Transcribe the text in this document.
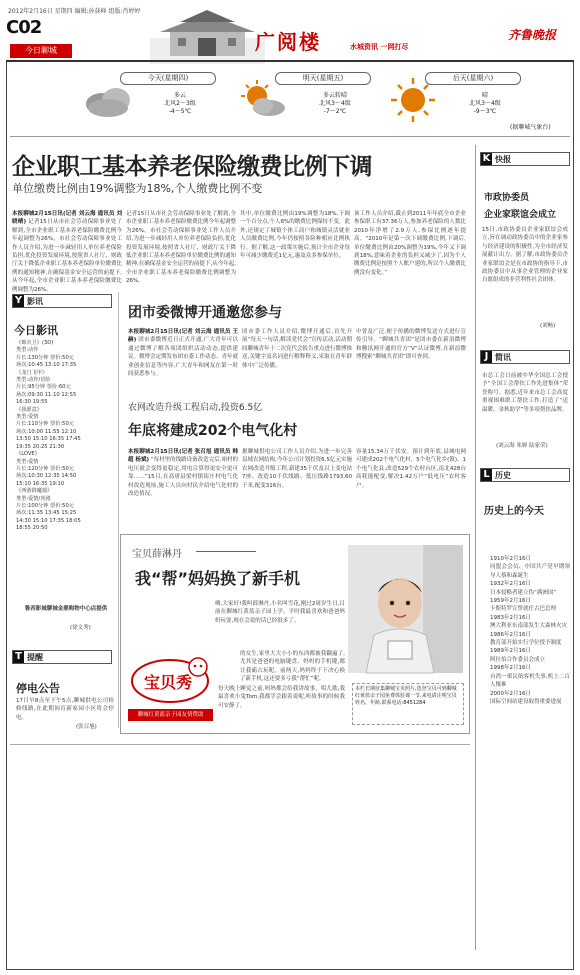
2012年2月16日 星期四 编辑:孙荻峰 组版:肖婷婷
C02
今日聊城	广阅楼	水城资讯 一网打尽
齐鲁晚报
今天(星期四)
多云
北风2～3级
-4～5℃
明天(星期五)
多云转晴
北风3～4级
-7～2℃
后天(星期六)
晴
北风3～4级
-9～3℃
(据聊城气象台)
企业职工基本养老保险缴费比例下调
单位缴费比例由19%调整为18%,个人缴费比例不变
本报聊城2月15日讯(记者 刘云海 通讯员 刘晓晴) 记者15日从市社会劳动保障事业处了解到,全市企业职工基本养老保险缴费比例今年起调整为26%。市社会劳动保障事业处工作人员介绍,为进一步减轻用人单位养老保险负担,优化投资发展环境,按照省人社厅、财政厅关于降低企业职工基本养老保险单位缴费比例的通知精神,在确保基金安全运营的前提下,从今年起,全市企业职工基本养老保险缴费比例调整为26%。
记者15日从市社会劳动保障事业处了解到,全市企业职工基本养老保险缴费比例今年起调整为26%。市社会劳动保障事业处工作人员介绍,为进一步减轻用人单位养老保险负担,优化投资发展环境,按照省人社厅、财政厅关于降低企业职工基本养老保险单位缴费比例的通知精神,在确保基金安全运营的前提下,从今年起,全市企业职工基本养老保险缴费比例调整为26%。
其中,单位缴费比例由19%调整为18%,下调一个百分点,个人8%的缴费比例保持不变。此外,还规定了城镇个体工商户和城镇灵活就业人员缴费比例,今年仍按照各险种相应比例执行。据了解,这一政策实施后,预计全市企业每年可减少缴费近1亿元,惠及众多参保单位。
该工作人员介绍,截止到2011年年底全市企业参保职工有37.36万人,参加养老保险的人数比2010年净增了2.9万人,参保比例逐年提高。“2010年是第一次下调缴费比例,下调后,单位缴费比例由20%调整为19%,今年又下调到18%,意味着企业的负担又减少了,因为个人缴费比例是按照个人账户建的,所以个人缴费比例没有变化。”
K 快报
市政协委员
企业家联谊会成立
15日,市政协委员企业家联谊会成立,旨在调动政协委员中的企业家参与经济建设的积极性,为全市经济发展献计出力。据了解,市政协委员企业家联谊会是在市政协的指导下,市政协委员中从事企业管理的企业家自愿组成的非营利性社会团体。
(刘畅)
J 简讯
市总工会日前被中华全国总工会授予“全国工会帮扶工作先进集体”荣誉称号。据悉,近年来市总工会高度重视困难职工帮扶工作,打造了“送温暖、金秋助学”等多项帮扶品牌。
(刘云海 朱婵 陆家荣)
L 历史
历史上的今天
1910年2月16日
同盟会会员、中国共产党早期领导人蔡和森诞生
1932年2月16日
日本侵略者建立伪“满洲国”
1959年2月16日
卡斯特罗宣誓就任古巴总理
1983年2月16日
澳大利亚东南部发生大森林火灾
1986年2月16日
教育部开始实行学位授予制度
1989年2月16日
阿拉伯合作委员会成立
1998年2月16日
台湾一架民航客机失事,机上二百人罹难
2000年2月16日
国际空间站建设取得重要进展
Y 影讯
今日影讯
《锦衣卫》(3D)
类型:动作
片长:130分钟 票价:50元
场次:10:45 13:10 17:35
《龙门飞甲》
类型:动作/冒险
片长:95分钟 票价:60元
场次:09:30 11:10 12:55
16:30 19:55
《我愿意》
类型:爱情
片长:110分钟 票价:50元
场次:10:00 11:55 12:10
13:50 15:10 16:35 17:45
19:35 20:25 21:30
《LOVE》
类型:爱情
片长:120分钟 票价:50元
场次:10:30 12:35 14:50
15:10 16:35 19:10
《西游降魔篇》
类型:爱情/喜剧
片长:100分钟 票价:50元
场次:11:35 13:45 15:25
14:30 15:10 17:35 18:05
18:55 20:50
鲁西影城聊城金鼎购物中心店提供
(徐文秀)
T 提醒
停电公告
17日早8点至下午5点,聊城供电公司检修线路,在此期间育新家园小区将会停电。
(张召旭)
团市委微博开通邀您参与
本报聊城2月15日讯(记者 刘云海 通讯员 王赫) 团市委微博近日正式开通,广大青年可以通过微博了解各项团组织活动动态,提供建议。微博会定期发布团市委工作动态、青年就业创业信息等内容,广大青年和网友在第一时间获悉参与。
团市委工作人员介绍,微博开通后,首先开展“每天一句话,解读党代会”宣传活动,活动期间聊城青年十二次党代会报告重点进行微博推送,关键字及名词进行解释释义,采取在青年群体中广泛传播。
中普及广泛,便于传播的微博发送方式进行宣传引导。“聊城共青团”是团市委在新浪微博和腾讯网开通的官方“V”认证微博,在新浪微博搜索“聊城共青团”即可查到。
农网改造升级工程启动,投资6.5亿
年底将建成202个电气化村
本报聊城2月15日讯(记者 张召旭 通讯员 韩超 杨斌) “每村里的线路设备改造完后,咱村的电压就会变得更稳定,用电合算得更安全更可靠……”15日,在高唐县梁村镇街庄村电气化村改造现场,施工人员向村民介绍电气化村的改造情况。
据聊城供电公司工作人员介绍,为进一步完善县域农网结构,今年公司计划投资6.5亿元实施农网改造升级工程,新建35千伏及以上变电站7座、改造10千伏线路、低压线路1793.60千米,配变316台。
容量15.34万千伏安。预计到年底,县城电网可建成202个电气化村、5个电气化乡(镇)、1个电气化县,改造529个农村台区,南北428台高耗能配变,解决1.42万户“低电压”农村客户。
宝贝薛淋丹
我“帮”妈妈换了新手机
嗨,大家好!我叫薛淋丹,小名叫雪花,刚过2周岁生日,目前在聊城红黄蓝亲子园上学。平时我最喜欢和爸爸妈妈玩耍,现在会说的话已经很多了。
的女生,家里大大小小的东西都被我翻遍了,尤其是爸爸的电脑键盘、妈妈的手机键,都让我霸占玩呢。前两天,妈妈终于下决心换了新手机,这还要多亏我“帮忙”呢。
每天晚上睡觉之前,妈妈都会给我讲故事、唱儿歌,我最喜欢小兔Tom,我都学会跟着说呢,听故事的时候我可安静了。
本栏长期征集聊城宝贝照片,选登宝贝可到聊城红黄蓝亲子园免费体验课一节,来电请注明宝贝姓名、年龄,联系电话:8451284
宝贝秀
聊城红黄蓝亲子园友情赞助
